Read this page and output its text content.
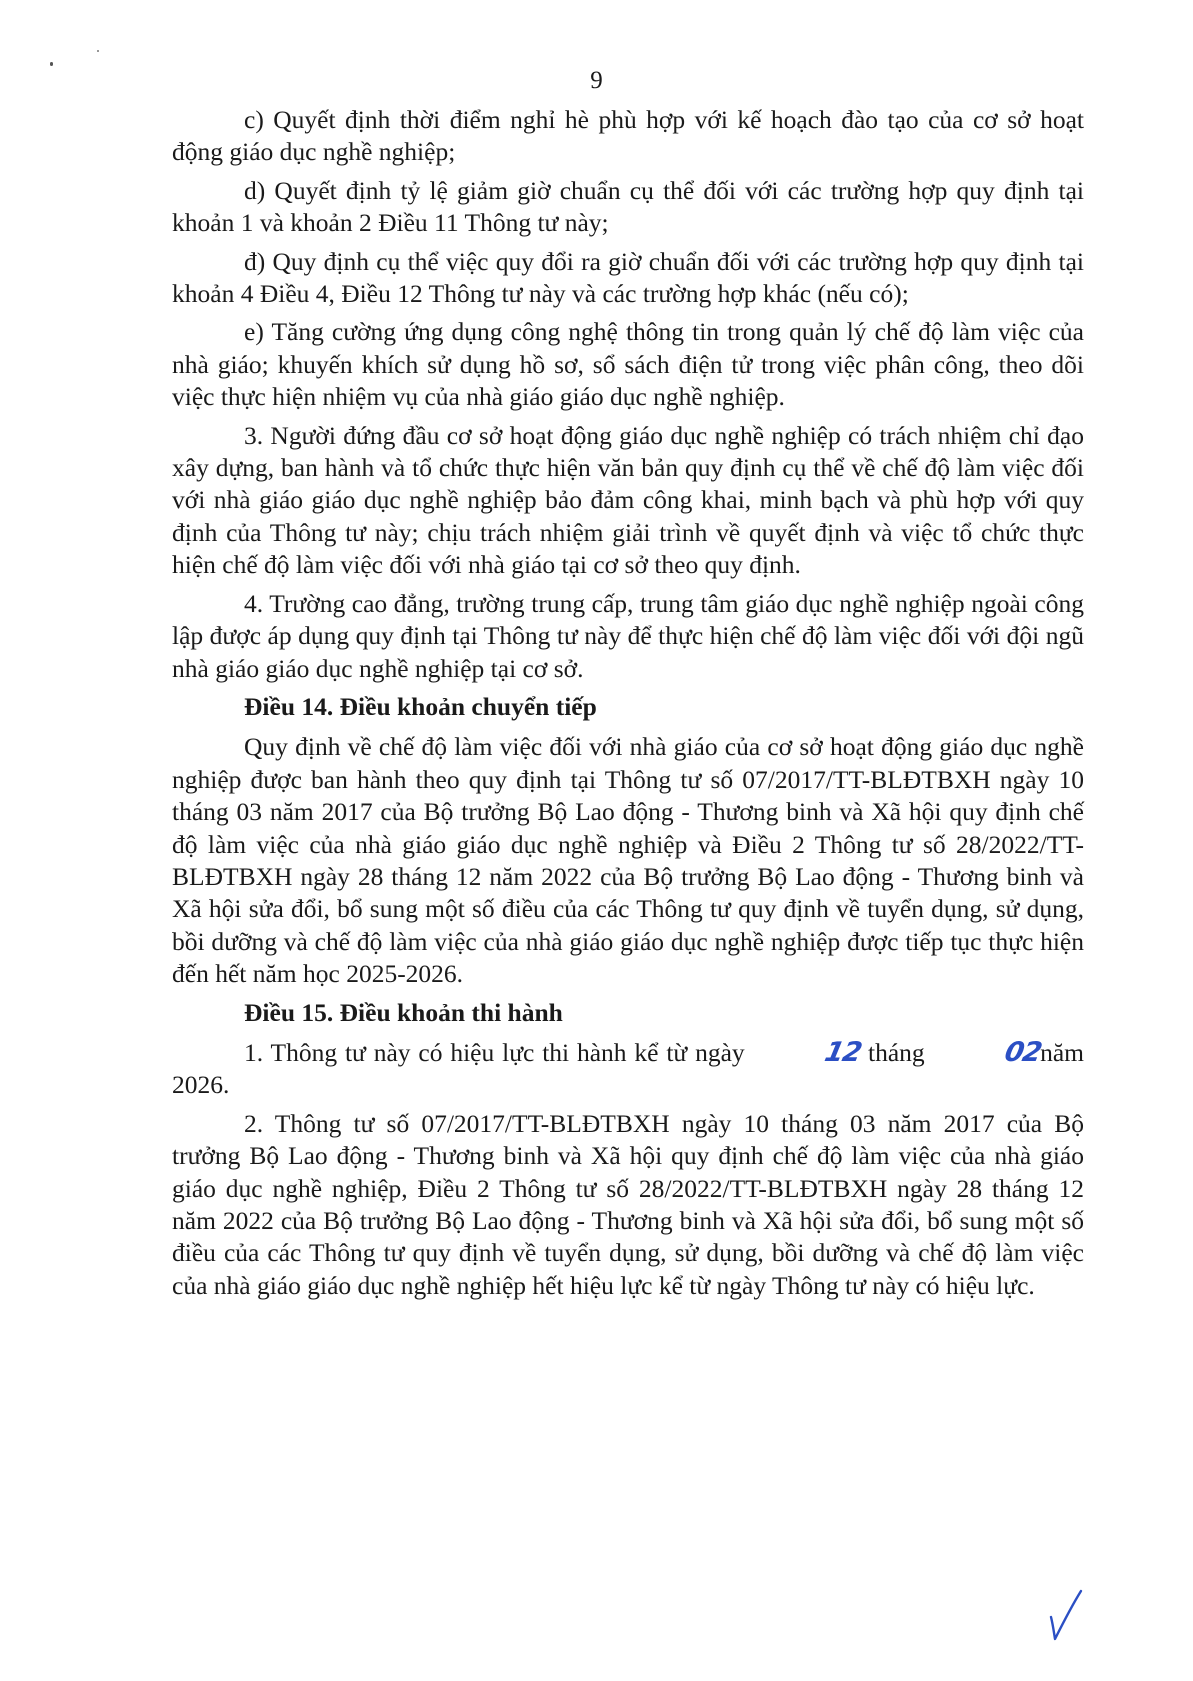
9

c) Quyết định thời điểm nghỉ hè phù hợp với kế hoạch đào tạo của cơ sở hoạt động giáo dục nghề nghiệp;

d) Quyết định tỷ lệ giảm giờ chuẩn cụ thể đối với các trường hợp quy định tại khoản 1 và khoản 2 Điều 11 Thông tư này;

đ) Quy định cụ thể việc quy đổi ra giờ chuẩn đối với các trường hợp quy định tại khoản 4 Điều 4, Điều 12 Thông tư này và các trường hợp khác (nếu có);

e) Tăng cường ứng dụng công nghệ thông tin trong quản lý chế độ làm việc của nhà giáo; khuyến khích sử dụng hồ sơ, sổ sách điện tử trong việc phân công, theo dõi việc thực hiện nhiệm vụ của nhà giáo giáo dục nghề nghiệp.

3. Người đứng đầu cơ sở hoạt động giáo dục nghề nghiệp có trách nhiệm chỉ đạo xây dựng, ban hành và tổ chức thực hiện văn bản quy định cụ thể về chế độ làm việc đối với nhà giáo giáo dục nghề nghiệp bảo đảm công khai, minh bạch và phù hợp với quy định của Thông tư này; chịu trách nhiệm giải trình về quyết định và việc tổ chức thực hiện chế độ làm việc đối với nhà giáo tại cơ sở theo quy định.

4. Trường cao đẳng, trường trung cấp, trung tâm giáo dục nghề nghiệp ngoài công lập được áp dụng quy định tại Thông tư này để thực hiện chế độ làm việc đối với đội ngũ nhà giáo giáo dục nghề nghiệp tại cơ sở.

Điều 14. Điều khoản chuyển tiếp

Quy định về chế độ làm việc đối với nhà giáo của cơ sở hoạt động giáo dục nghề nghiệp được ban hành theo quy định tại Thông tư số 07/2017/TT-BLĐTBXH ngày 10 tháng 03 năm 2017 của Bộ trưởng Bộ Lao động - Thương binh và Xã hội quy định chế độ làm việc của nhà giáo giáo dục nghề nghiệp và Điều 2 Thông tư số 28/2022/TT-BLĐTBXH ngày 28 tháng 12 năm 2022 của Bộ trưởng Bộ Lao động - Thương binh và Xã hội sửa đổi, bổ sung một số điều của các Thông tư quy định về tuyển dụng, sử dụng, bồi dưỡng và chế độ làm việc của nhà giáo giáo dục nghề nghiệp được tiếp tục thực hiện đến hết năm học 2025-2026.

Điều 15. Điều khoản thi hành

1. Thông tư này có hiệu lực thi hành kể từ ngày	12 tháng	02năm 2026.

2. Thông tư số 07/2017/TT-BLĐTBXH ngày 10 tháng 03 năm 2017 của Bộ trưởng Bộ Lao động - Thương binh và Xã hội quy định chế độ làm việc của nhà giáo giáo dục nghề nghiệp, Điều 2 Thông tư số 28/2022/TT-BLĐTBXH ngày 28 tháng 12 năm 2022 của Bộ trưởng Bộ Lao động - Thương binh và Xã hội sửa đổi, bổ sung một số điều của các Thông tư quy định về tuyển dụng, sử dụng, bồi dưỡng và chế độ làm việc của nhà giáo giáo dục nghề nghiệp hết hiệu lực kể từ ngày Thông tư này có hiệu lực.
